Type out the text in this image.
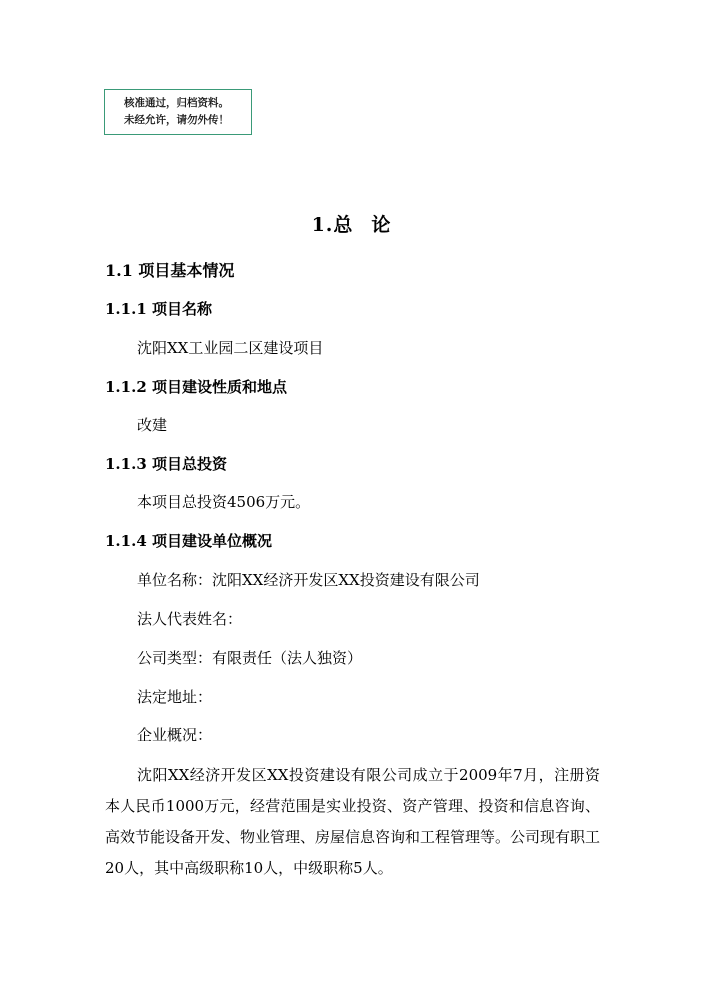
核准通过，归档资料。
未经允许，请勿外传！
1.总 论
1.1 项目基本情况
1.1.1 项目名称
沈阳XX工业园二区建设项目
1.1.2 项目建设性质和地点
改建
1.1.3 项目总投资
本项目总投资4506万元。
1.1.4 项目建设单位概况
单位名称：沈阳XX经济开发区XX投资建设有限公司
法人代表姓名：
公司类型：有限责任（法人独资）
法定地址：
企业概况：
沈阳XX经济开发区XX投资建设有限公司成立于2009年7月，注册资本人民币1000万元，经营范围是实业投资、资产管理、投资和信息咨询、高效节能设备开发、物业管理、房屋信息咨询和工程管理等。公司现有职工20人，其中高级职称10人，中级职称5人。
